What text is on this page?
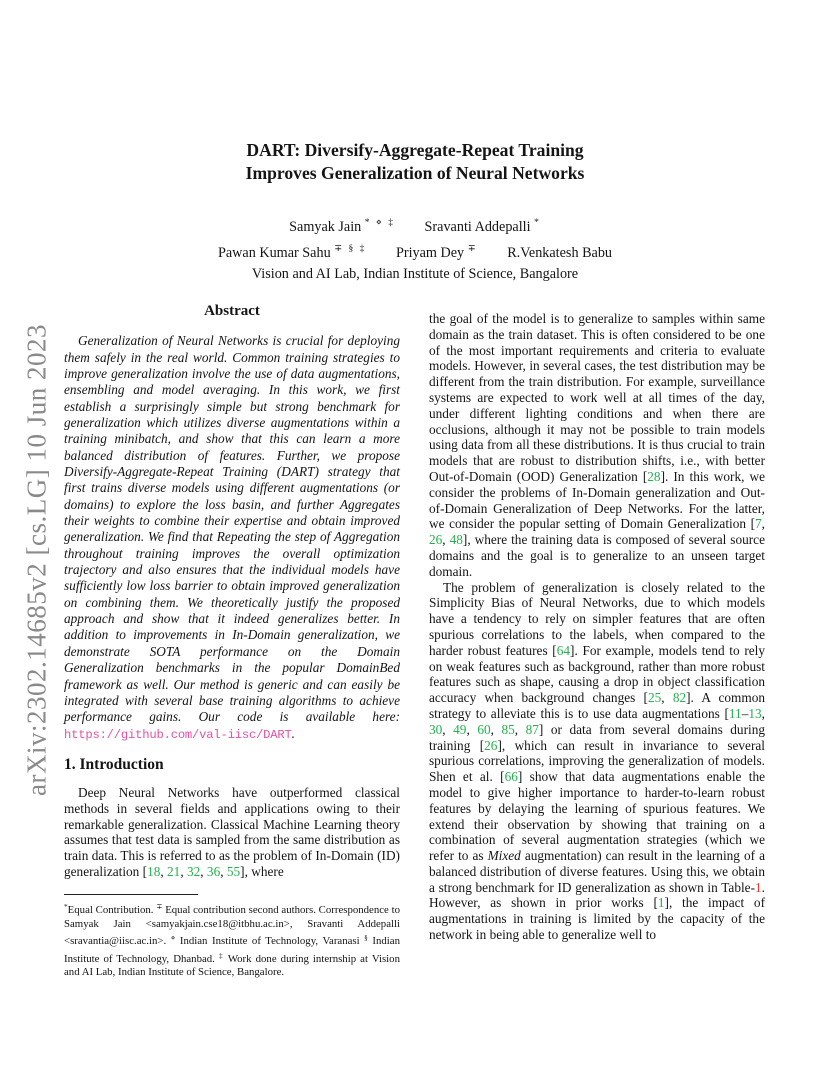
arXiv:2302.14685v2 [cs.LG] 10 Jun 2023
DART: Diversify-Aggregate-Repeat Training
Improves Generalization of Neural Networks
Samyak Jain * ⋄ ‡ Sravanti Addepalli *
Pawan Kumar Sahu ∓ § ‡ Priyam Dey ∓ R.Venkatesh Babu
Vision and AI Lab, Indian Institute of Science, Bangalore
Abstract

Generalization of Neural Networks is crucial for deploying them safely in the real world. Common training strategies to improve generalization involve the use of data augmentations, ensembling and model averaging. In this work, we first establish a surprisingly simple but strong benchmark for generalization which utilizes diverse augmentations within a training minibatch, and show that this can learn a more balanced distribution of features. Further, we propose Diversify-Aggregate-Repeat Training (DART) strategy that first trains diverse models using different augmentations (or domains) to explore the loss basin, and further Aggregates their weights to combine their expertise and obtain improved generalization. We find that Repeating the step of Aggregation throughout training improves the overall optimization trajectory and also ensures that the individual models have sufficiently low loss barrier to obtain improved generalization on combining them. We theoretically justify the proposed approach and show that it indeed generalizes better. In addition to improvements in In-Domain generalization, we demonstrate SOTA performance on the Domain Generalization benchmarks in the popular DomainBed framework as well. Our method is generic and can easily be integrated with several base training algorithms to achieve performance gains. Our code is available here: https://github.com/val-iisc/DART.

1. Introduction

Deep Neural Networks have outperformed classical methods in several fields and applications owing to their remarkable generalization. Classical Machine Learning theory assumes that test data is sampled from the same distribution as train data. This is referred to as the problem of In-Domain (ID) generalization [18, 21, 32, 36, 55], where

*Equal Contribution. ∓ Equal contribution second authors. Correspondence to Samyak Jain <samyakjain.cse18@itbhu.ac.in>, Sravanti Addepalli <sravantia@iisc.ac.in>. ⋄ Indian Institute of Technology, Varanasi § Indian Institute of Technology, Dhanbad. ‡ Work done during internship at Vision and AI Lab, Indian Institute of Science, Bangalore.

the goal of the model is to generalize to samples within same domain as the train dataset. This is often considered to be one of the most important requirements and criteria to evaluate models. However, in several cases, the test distribution may be different from the train distribution. For example, surveillance systems are expected to work well at all times of the day, under different lighting conditions and when there are occlusions, although it may not be possible to train models using data from all these distributions. It is thus crucial to train models that are robust to distribution shifts, i.e., with better Out-of-Domain (OOD) Generalization [28]. In this work, we consider the problems of In-Domain generalization and Out-of-Domain Generalization of Deep Networks. For the latter, we consider the popular setting of Domain Generalization [7, 26, 48], where the training data is composed of several source domains and the goal is to generalize to an unseen target domain.

The problem of generalization is closely related to the Simplicity Bias of Neural Networks, due to which models have a tendency to rely on simpler features that are often spurious correlations to the labels, when compared to the harder robust features [64]. For example, models tend to rely on weak features such as background, rather than more robust features such as shape, causing a drop in object classification accuracy when background changes [25, 82]. A common strategy to alleviate this is to use data augmentations [11–13, 30, 49, 60, 85, 87] or data from several domains during training [26], which can result in invariance to several spurious correlations, improving the generalization of models. Shen et al. [66] show that data augmentations enable the model to give higher importance to harder-to-learn robust features by delaying the learning of spurious features. We extend their observation by showing that training on a combination of several augmentation strategies (which we refer to as Mixed augmentation) can result in the learning of a balanced distribution of diverse features. Using this, we obtain a strong benchmark for ID generalization as shown in Table-1. However, as shown in prior works [1], the impact of augmentations in training is limited by the capacity of the network in being able to generalize well to
